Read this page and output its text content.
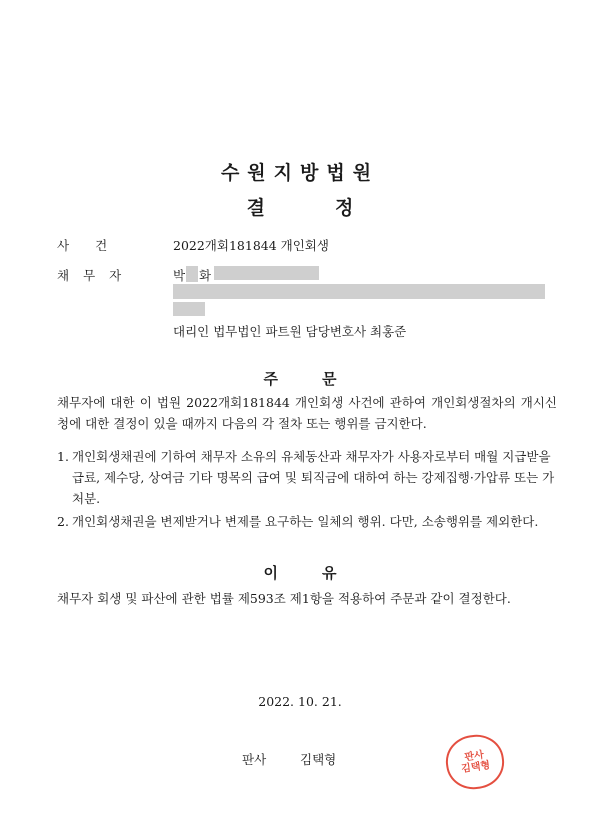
수원지방법원
결정
사건	2022개회181844 개인회생
채무자	박 화
대리인 법무법인 파트원 담당변호사 최홍준
주문
채무자에 대한 이 법원 2022개회181844 개인회생 사건에 관하여 개인회생절차의 개시신청에 대한 결정이 있을 때까지 다음의 각 절차 또는 행위를 금지한다.
1. 개인회생채권에 기하여 채무자 소유의 유체동산과 채무자가 사용자로부터 매월 지급받을 급료, 제수당, 상여금 기타 명목의 급여 및 퇴직금에 대하여 하는 강제집행·가압류 또는 가처분.
2. 개인회생채권을 변제받거나 변제를 요구하는 일체의 행위. 다만, 소송행위를 제외한다.
이유
채무자 회생 및 파산에 관한 법률 제593조 제1항을 적용하여 주문과 같이 결정한다.
2022. 10. 21.
판사	김택형	판사
김택형
